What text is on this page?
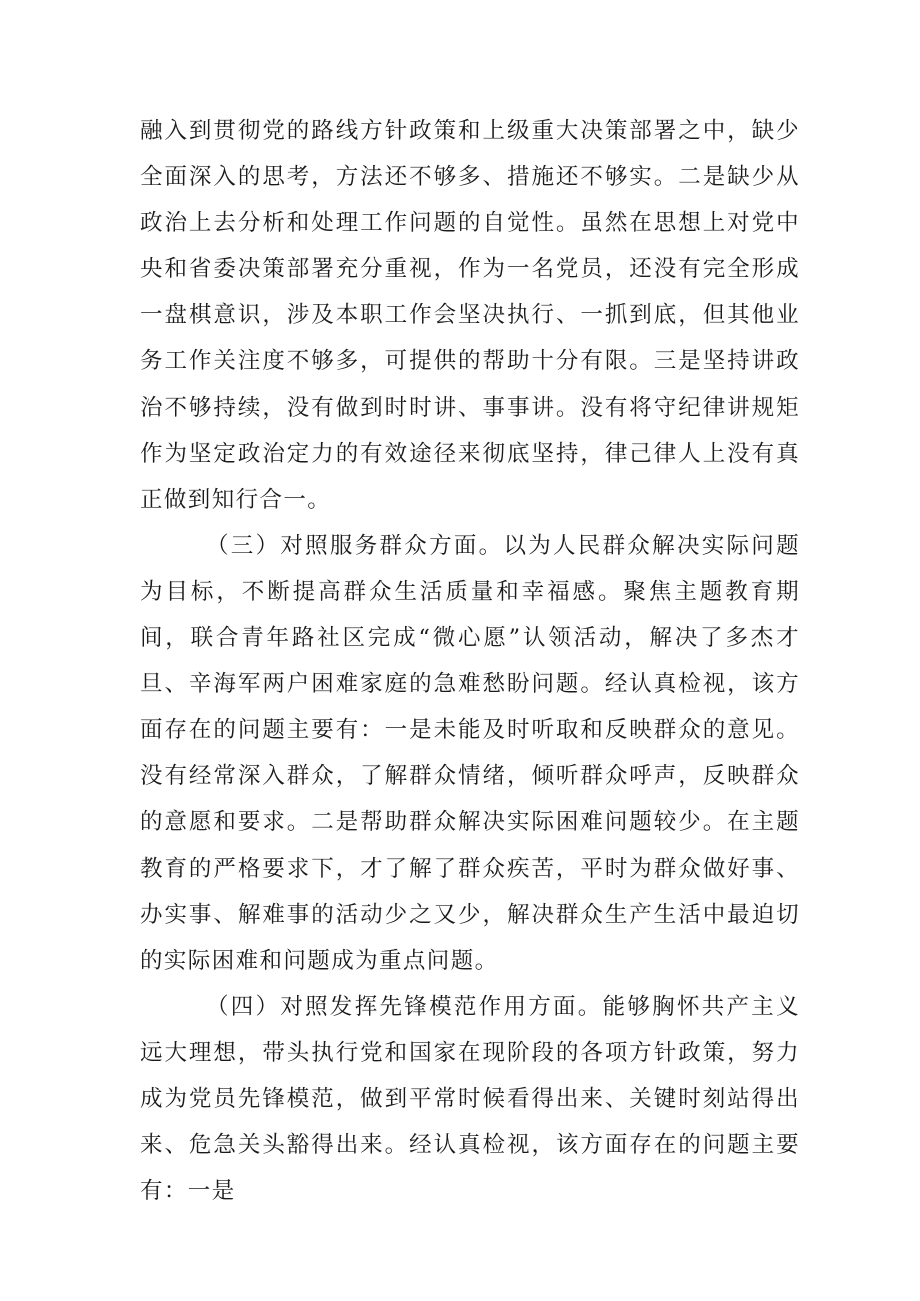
融入到贯彻党的路线方针政策和上级重大决策部署之中，缺少全面深入的思考，方法还不够多、措施还不够实。二是缺少从政治上去分析和处理工作问题的自觉性。虽然在思想上对党中央和省委决策部署充分重视，作为一名党员，还没有完全形成一盘棋意识，涉及本职工作会坚决执行、一抓到底，但其他业务工作关注度不够多，可提供的帮助十分有限。三是坚持讲政治不够持续，没有做到时时讲、事事讲。没有将守纪律讲规矩作为坚定政治定力的有效途径来彻底坚持，律己律人上没有真正做到知行合一。

（三）对照服务群众方面。以为人民群众解决实际问题为目标，不断提高群众生活质量和幸福感。聚焦主题教育期间，联合青年路社区完成“微心愿”认领活动，解决了多杰才旦、辛海军两户困难家庭的急难愁盼问题。经认真检视，该方面存在的问题主要有：一是未能及时听取和反映群众的意见。没有经常深入群众，了解群众情绪，倾听群众呼声，反映群众的意愿和要求。二是帮助群众解决实际困难问题较少。在主题教育的严格要求下，才了解了群众疾苦，平时为群众做好事、办实事、解难事的活动少之又少，解决群众生产生活中最迫切的实际困难和问题成为重点问题。

（四）对照发挥先锋模范作用方面。能够胸怀共产主义远大理想，带头执行党和国家在现阶段的各项方针政策，努力成为党员先锋模范，做到平常时候看得出来、关键时刻站得出来、危急关头豁得出来。经认真检视，该方面存在的问题主要有：一是
